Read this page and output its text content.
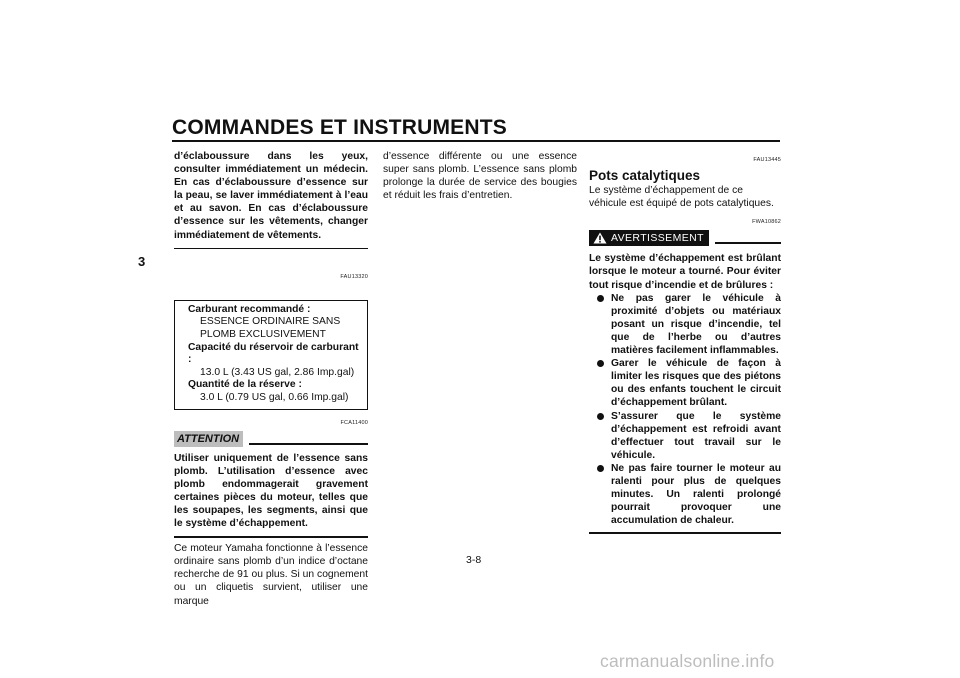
COMMANDES ET INSTRUMENTS
3
d’éclaboussure dans les yeux, consulter immédiatement un médecin. En cas d’éclaboussure d’essence sur la peau, se laver immédiatement à l’eau et au savon. En cas d’éclaboussure d’essence sur les vêtements, changer immédiatement de vêtements.
FAU13320
Carburant recommandé :
ESSENCE ORDINAIRE SANS
PLOMB EXCLUSIVEMENT
Capacité du réservoir de carburant :
13.0 L (3.43 US gal, 2.86 Imp.gal)
Quantité de la réserve :
3.0 L (0.79 US gal, 0.66 Imp.gal)
FCA11400
ATTENTION
Utiliser uniquement de l’essence sans plomb. L’utilisation d’essence avec plomb endommagerait gravement certaines pièces du moteur, telles que les soupapes, les segments, ainsi que le système d’échappement.
Ce moteur Yamaha fonctionne à l’essence ordinaire sans plomb d’un indice d’octane recherche de 91 ou plus. Si un cognement ou un cliquetis survient, utiliser une marque
d’essence différente ou une essence super sans plomb. L’essence sans plomb prolonge la durée de service des bougies et réduit les frais d’entretien.
FAU13445
Pots catalytiques
Le système d’échappement de ce véhicule est équipé de pots catalytiques.
FWA10862
AVERTISSEMENT
Le système d’échappement est brûlant lorsque le moteur a tourné. Pour éviter tout risque d’incendie et de brûlures :
Ne pas garer le véhicule à proximité d’objets ou matériaux posant un risque d’incendie, tel que de l’herbe ou d’autres matières facilement inflammables.
Garer le véhicule de façon à limiter les risques que des piétons ou des enfants touchent le circuit d’échappement brûlant.
S’assurer que le système d’échappement est refroidi avant d’effectuer tout travail sur le véhicule.
Ne pas faire tourner le moteur au ralenti pour plus de quelques minutes. Un ralenti prolongé pourrait provoquer une accumulation de chaleur.
3-8
carmanualsonline.info
